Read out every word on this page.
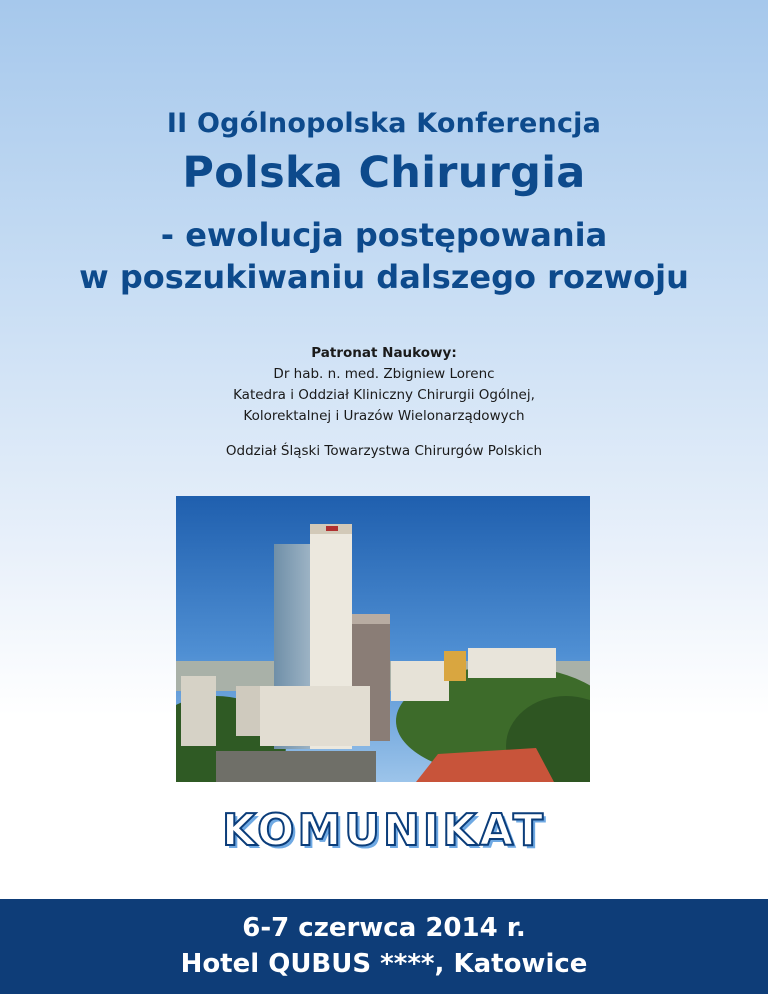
II Ogólnopolska Konferencja
Polska Chirurgia
- ewolucja postępowania
w poszukiwaniu dalszego rozwoju
Patronat Naukowy:
Dr hab. n. med. Zbigniew Lorenc
Katedra i Oddział Kliniczny Chirurgii Ogólnej,
Kolorektalnej i Urazów Wielonarządowych
Oddział Śląski Towarzystwa Chirurgów Polskich
KOMUNIKAT
6-7 czerwca 2014 r.
Hotel QUBUS ****, Katowice
